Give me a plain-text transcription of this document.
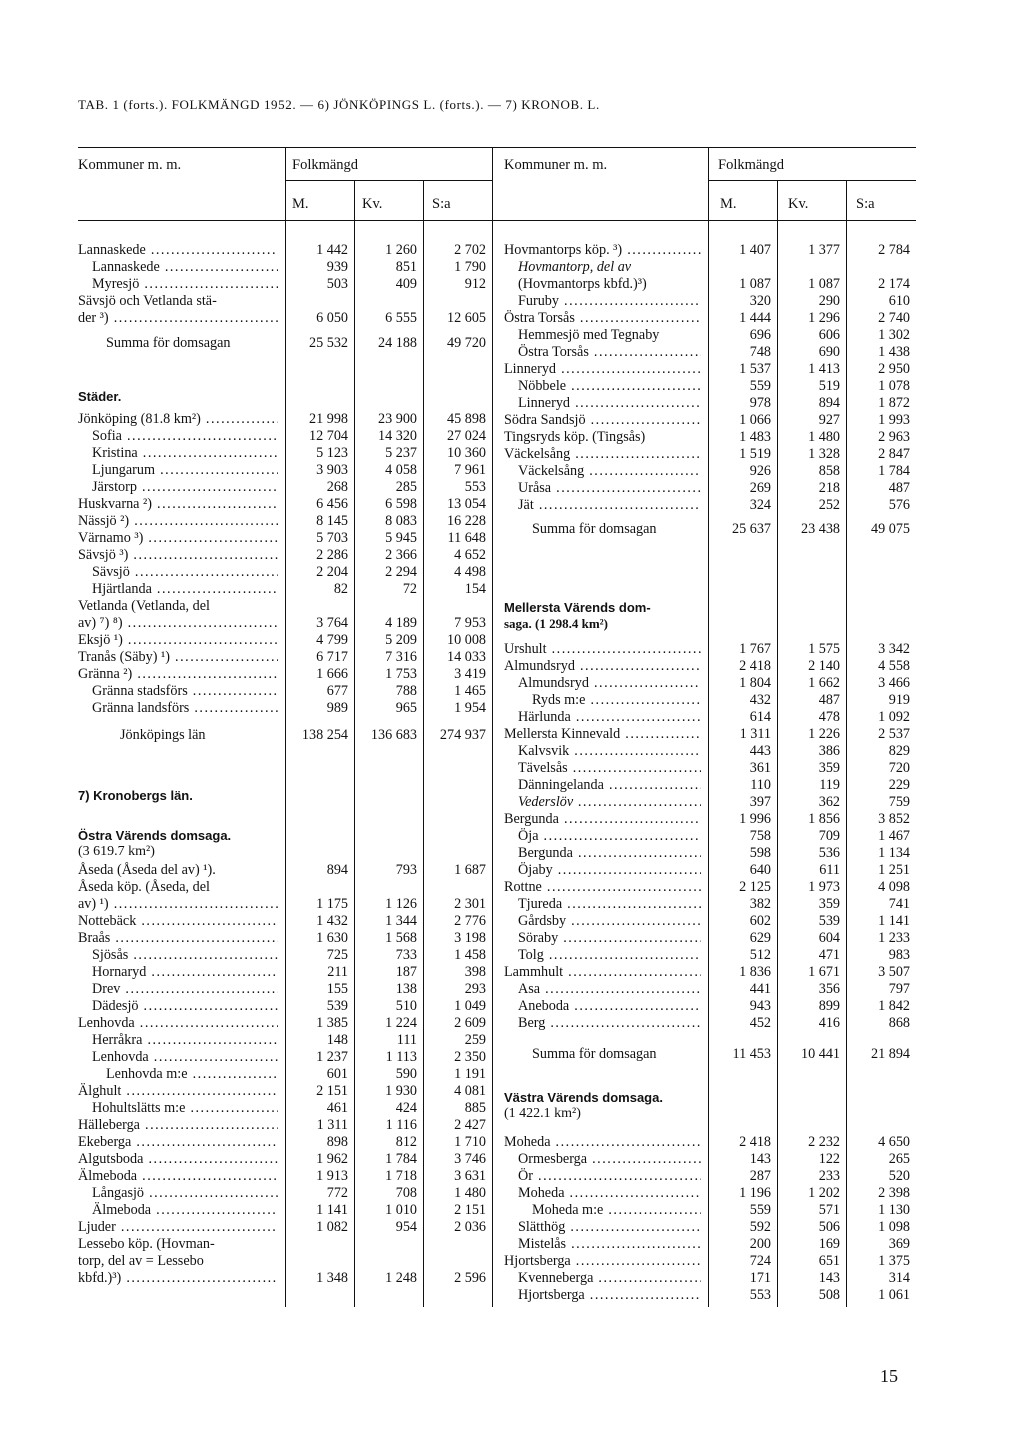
TAB. 1 (forts.). FOLKMÄNGD 1952. — 6) JÖNKÖPINGS L. (forts.). — 7) KRONOB. L.
Kommuner m. m.	Folkmängd
M.	Kv.	S:a
Kommuner m. m.	Folkmängd
M.	Kv.	S:a
Städer.
7) Kronobergs län.
Östra Värends domsaga.
(3 619.7 km²)
Mellersta Värends dom-
saga. (1 298.4 km²)
Västra Värends domsaga.
(1 422.1 km²)
Lannaskede .....	1 442	1 260	2 702
Lannaskede .....	939	851	1 790
Myresjö .....	503	409	912
Sävsjö och Vetlanda stä-
der ³) .....	6 050	6 555	12 605
Summa för domsagan	25 532	24 188	49 720
Jönköping (81.8 km²) .....	21 998	23 900	45 898
Sofia .....	12 704	14 320	27 024
Kristina .....	5 123	5 237	10 360
Ljungarum .....	3 903	4 058	7 961
Järstorp .....	268	285	553
Huskvarna ²) .....	6 456	6 598	13 054
Nässjö ²) .....	8 145	8 083	16 228
Värnamo ³) .....	5 703	5 945	11 648
Sävsjö ³) .....	2 286	2 366	4 652
Sävsjö .....	2 204	2 294	4 498
Hjärtlanda .....	82	72	154
Vetlanda (Vetlanda, del
av) ⁷) ⁸) .....	3 764	4 189	7 953
Eksjö ¹) .....	4 799	5 209	10 008
Tranås (Säby) ¹) .....	6 717	7 316	14 033
Gränna ²) .....	1 666	1 753	3 419
Gränna stadsförs .....	677	788	1 465
Gränna landsförs .....	989	965	1 954
Jönköpings län	138 254	136 683	274 937
Åseda (Åseda del av) ¹).	894	793	1 687
Åseda köp. (Åseda, del
av) ¹) .....	1 175	1 126	2 301
Nottebäck .....	1 432	1 344	2 776
Braås .....	1 630	1 568	3 198
Sjösås .....	725	733	1 458
Hornaryd .....	211	187	398
Drev .....	155	138	293
Dädesjö .....	539	510	1 049
Lenhovda .....	1 385	1 224	2 609
Herråkra .....	148	111	259
Lenhovda .....	1 237	1 113	2 350
Lenhovda m:e .....	601	590	1 191
Älghult .....	2 151	1 930	4 081
Hohultslätts m:e .....	461	424	885
Hälleberga .....	1 311	1 116	2 427
Ekeberga .....	898	812	1 710
Algutsboda .....	1 962	1 784	3 746
Älmeboda .....	1 913	1 718	3 631
Långasjö .....	772	708	1 480
Älmeboda .....	1 141	1 010	2 151
Ljuder .....	1 082	954	2 036
Lessebo köp. (Hovman-
torp, del av = Lessebo
kbfd.)³) .....	1 348	1 248	2 596
Hovmantorps köp. ³) .....	1 407	1 377	2 784
Hovmantorp, del av
(Hovmantorps kbfd.)³)	1 087	1 087	2 174
Furuby .....	320	290	610
Östra Torsås .....	1 444	1 296	2 740
Hemmesjö med Tegnaby	696	606	1 302
Östra Torsås .....	748	690	1 438
Linneryd .....	1 537	1 413	2 950
Nöbbele .....	559	519	1 078
Linneryd .....	978	894	1 872
Södra Sandsjö .....	1 066	927	1 993
Tingsryds köp. (Tingsås)	1 483	1 480	2 963
Väckelsång .....	1 519	1 328	2 847
Väckelsång .....	926	858	1 784
Uråsa .....	269	218	487
Jät .....	324	252	576
Summa för domsagan	25 637	23 438	49 075
Urshult .....	1 767	1 575	3 342
Almundsryd .....	2 418	2 140	4 558
Almundsryd .....	1 804	1 662	3 466
Ryds m:e .....	432	487	919
Härlunda .....	614	478	1 092
Mellersta Kinnevald .....	1 311	1 226	2 537
Kalvsvik .....	443	386	829
Tävelsås .....	361	359	720
Dänningelanda .....	110	119	229
Vederslöv .....	397	362	759
Bergunda .....	1 996	1 856	3 852
Öja .....	758	709	1 467
Bergunda .....	598	536	1 134
Öjaby .....	640	611	1 251
Rottne .....	2 125	1 973	4 098
Tjureda .....	382	359	741
Gårdsby .....	602	539	1 141
Söraby .....	629	604	1 233
Tolg .....	512	471	983
Lammhult .....	1 836	1 671	3 507
Asa .....	441	356	797
Aneboda .....	943	899	1 842
Berg .....	452	416	868
Summa för domsagan	11 453	10 441	21 894
Moheda .....	2 418	2 232	4 650
Ormesberga .....	143	122	265
Ör .....	287	233	520
Moheda .....	1 196	1 202	2 398
Moheda m:e .....	559	571	1 130
Slätthög .....	592	506	1 098
Mistelås .....	200	169	369
Hjortsberga .....	724	651	1 375
Kvenneberga .....	171	143	314
Hjortsberga .....	553	508	1 061
15
